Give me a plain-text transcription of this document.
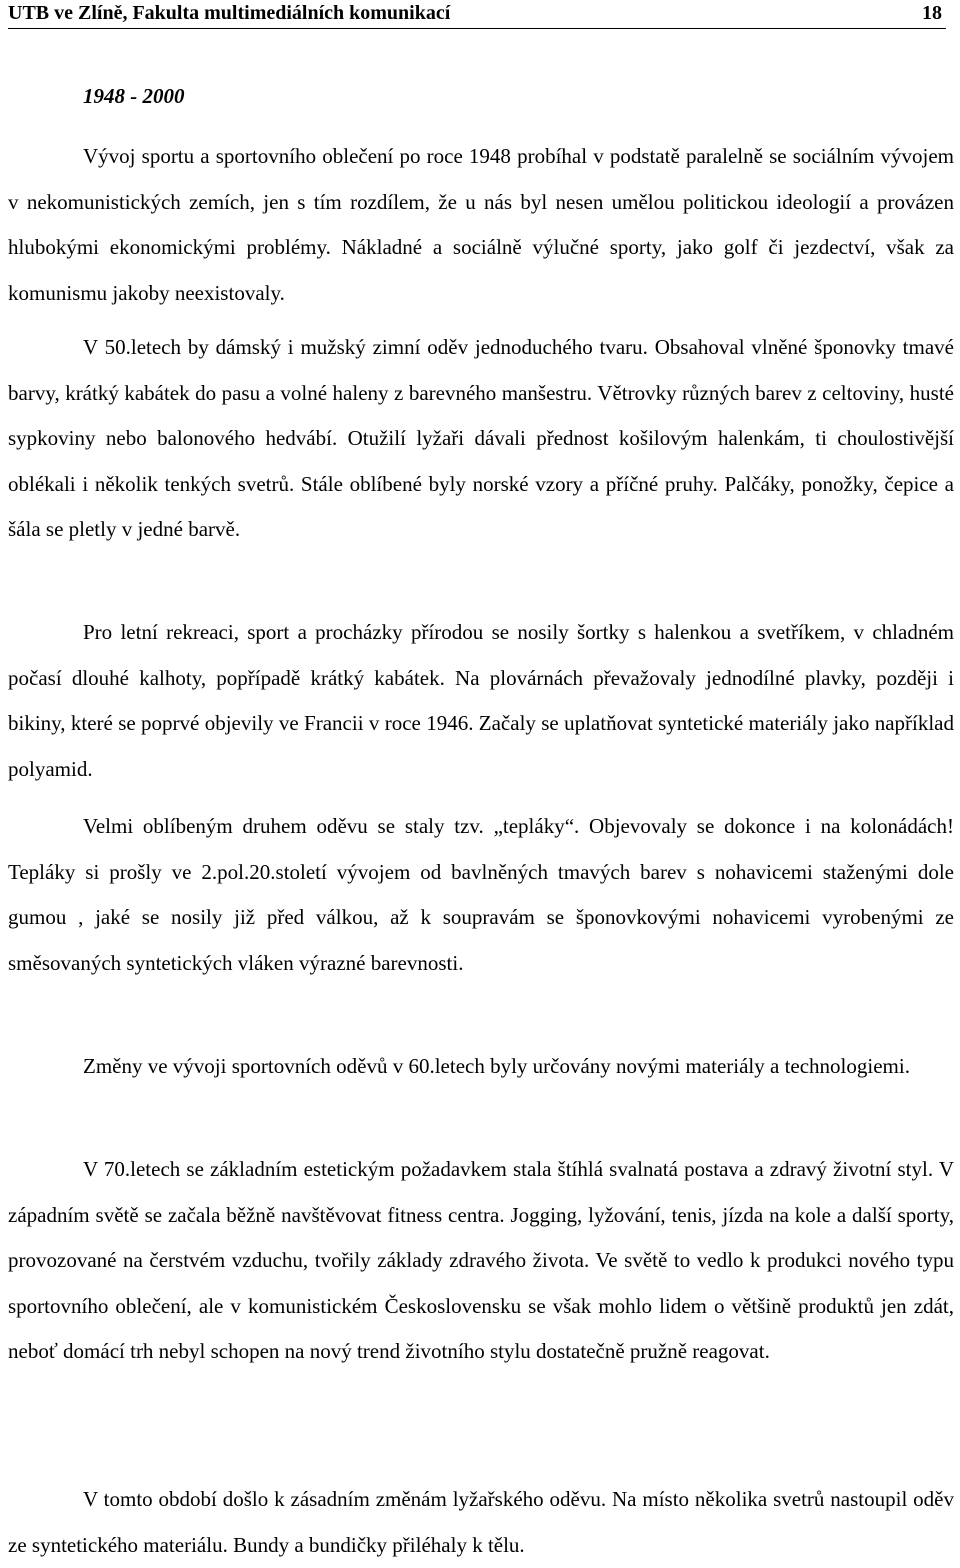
UTB ve Zlíně, Fakulta multimediálních komunikací	18
1948 - 2000

Vývoj sportu a sportovního oblečení po roce 1948 probíhal v podstatě paralelně se sociálním vývojem v nekomunistických zemích, jen s tím rozdílem, že u nás byl nesen umělou politickou ideologií a provázen hlubokými ekonomickými problémy. Nákladné a sociálně výlučné sporty, jako golf či jezdectví, však za komunismu jakoby neexistovaly.

V 50.letech by dámský i mužský zimní oděv jednoduchého tvaru. Obsahoval vlněné šponovky tmavé barvy, krátký kabátek do pasu a volné haleny z barevného manšestru. Větrovky různých barev z celtoviny, husté sypkoviny nebo balonového hedvábí. Otužilí lyžaři dávali přednost košilovým halenkám, ti choulostivější oblékali i několik tenkých svetrů. Stále oblíbené byly norské vzory a příčné pruhy. Palčáky, ponožky, čepice a šála se pletly v jedné barvě.

Pro letní rekreaci, sport a procházky přírodou se nosily šortky s halenkou a svetříkem, v chladném počasí dlouhé kalhoty, popřípadě krátký kabátek. Na plovárnách převažovaly jednodílné plavky, později i bikiny, které se poprvé objevily ve Francii v roce 1946. Začaly se uplatňovat syntetické materiály jako například polyamid.

Velmi oblíbeným druhem oděvu se staly tzv. „tepláky“. Objevovaly se dokonce i na kolonádách! Tepláky si prošly ve 2.pol.20.století vývojem od bavlněných tmavých barev s nohavicemi staženými dole gumou , jaké se nosily již před válkou, až k soupravám se šponovkovými nohavicemi vyrobenými ze směsovaných syntetických vláken výrazné barevnosti.

Změny ve vývoji sportovních oděvů v 60.letech byly určovány novými materiály a technologiemi.

V 70.letech se základním estetickým požadavkem stala štíhlá svalnatá postava a zdravý životní styl. V západním světě se začala běžně navštěvovat fitness centra. Jogging, lyžování, tenis, jízda na kole a další sporty, provozované na čerstvém vzduchu, tvořily základy zdravého života. Ve světě to vedlo k produkci nového typu sportovního oblečení, ale v komunistickém Československu se však mohlo lidem o většině produktů jen zdát, neboť domácí trh nebyl schopen na nový trend životního stylu dostatečně pružně reagovat.

V tomto období došlo k zásadním změnám lyžařského oděvu. Na místo několika svetrů nastoupil oděv ze syntetického materiálu. Bundy a bundičky přiléhaly k tělu.
